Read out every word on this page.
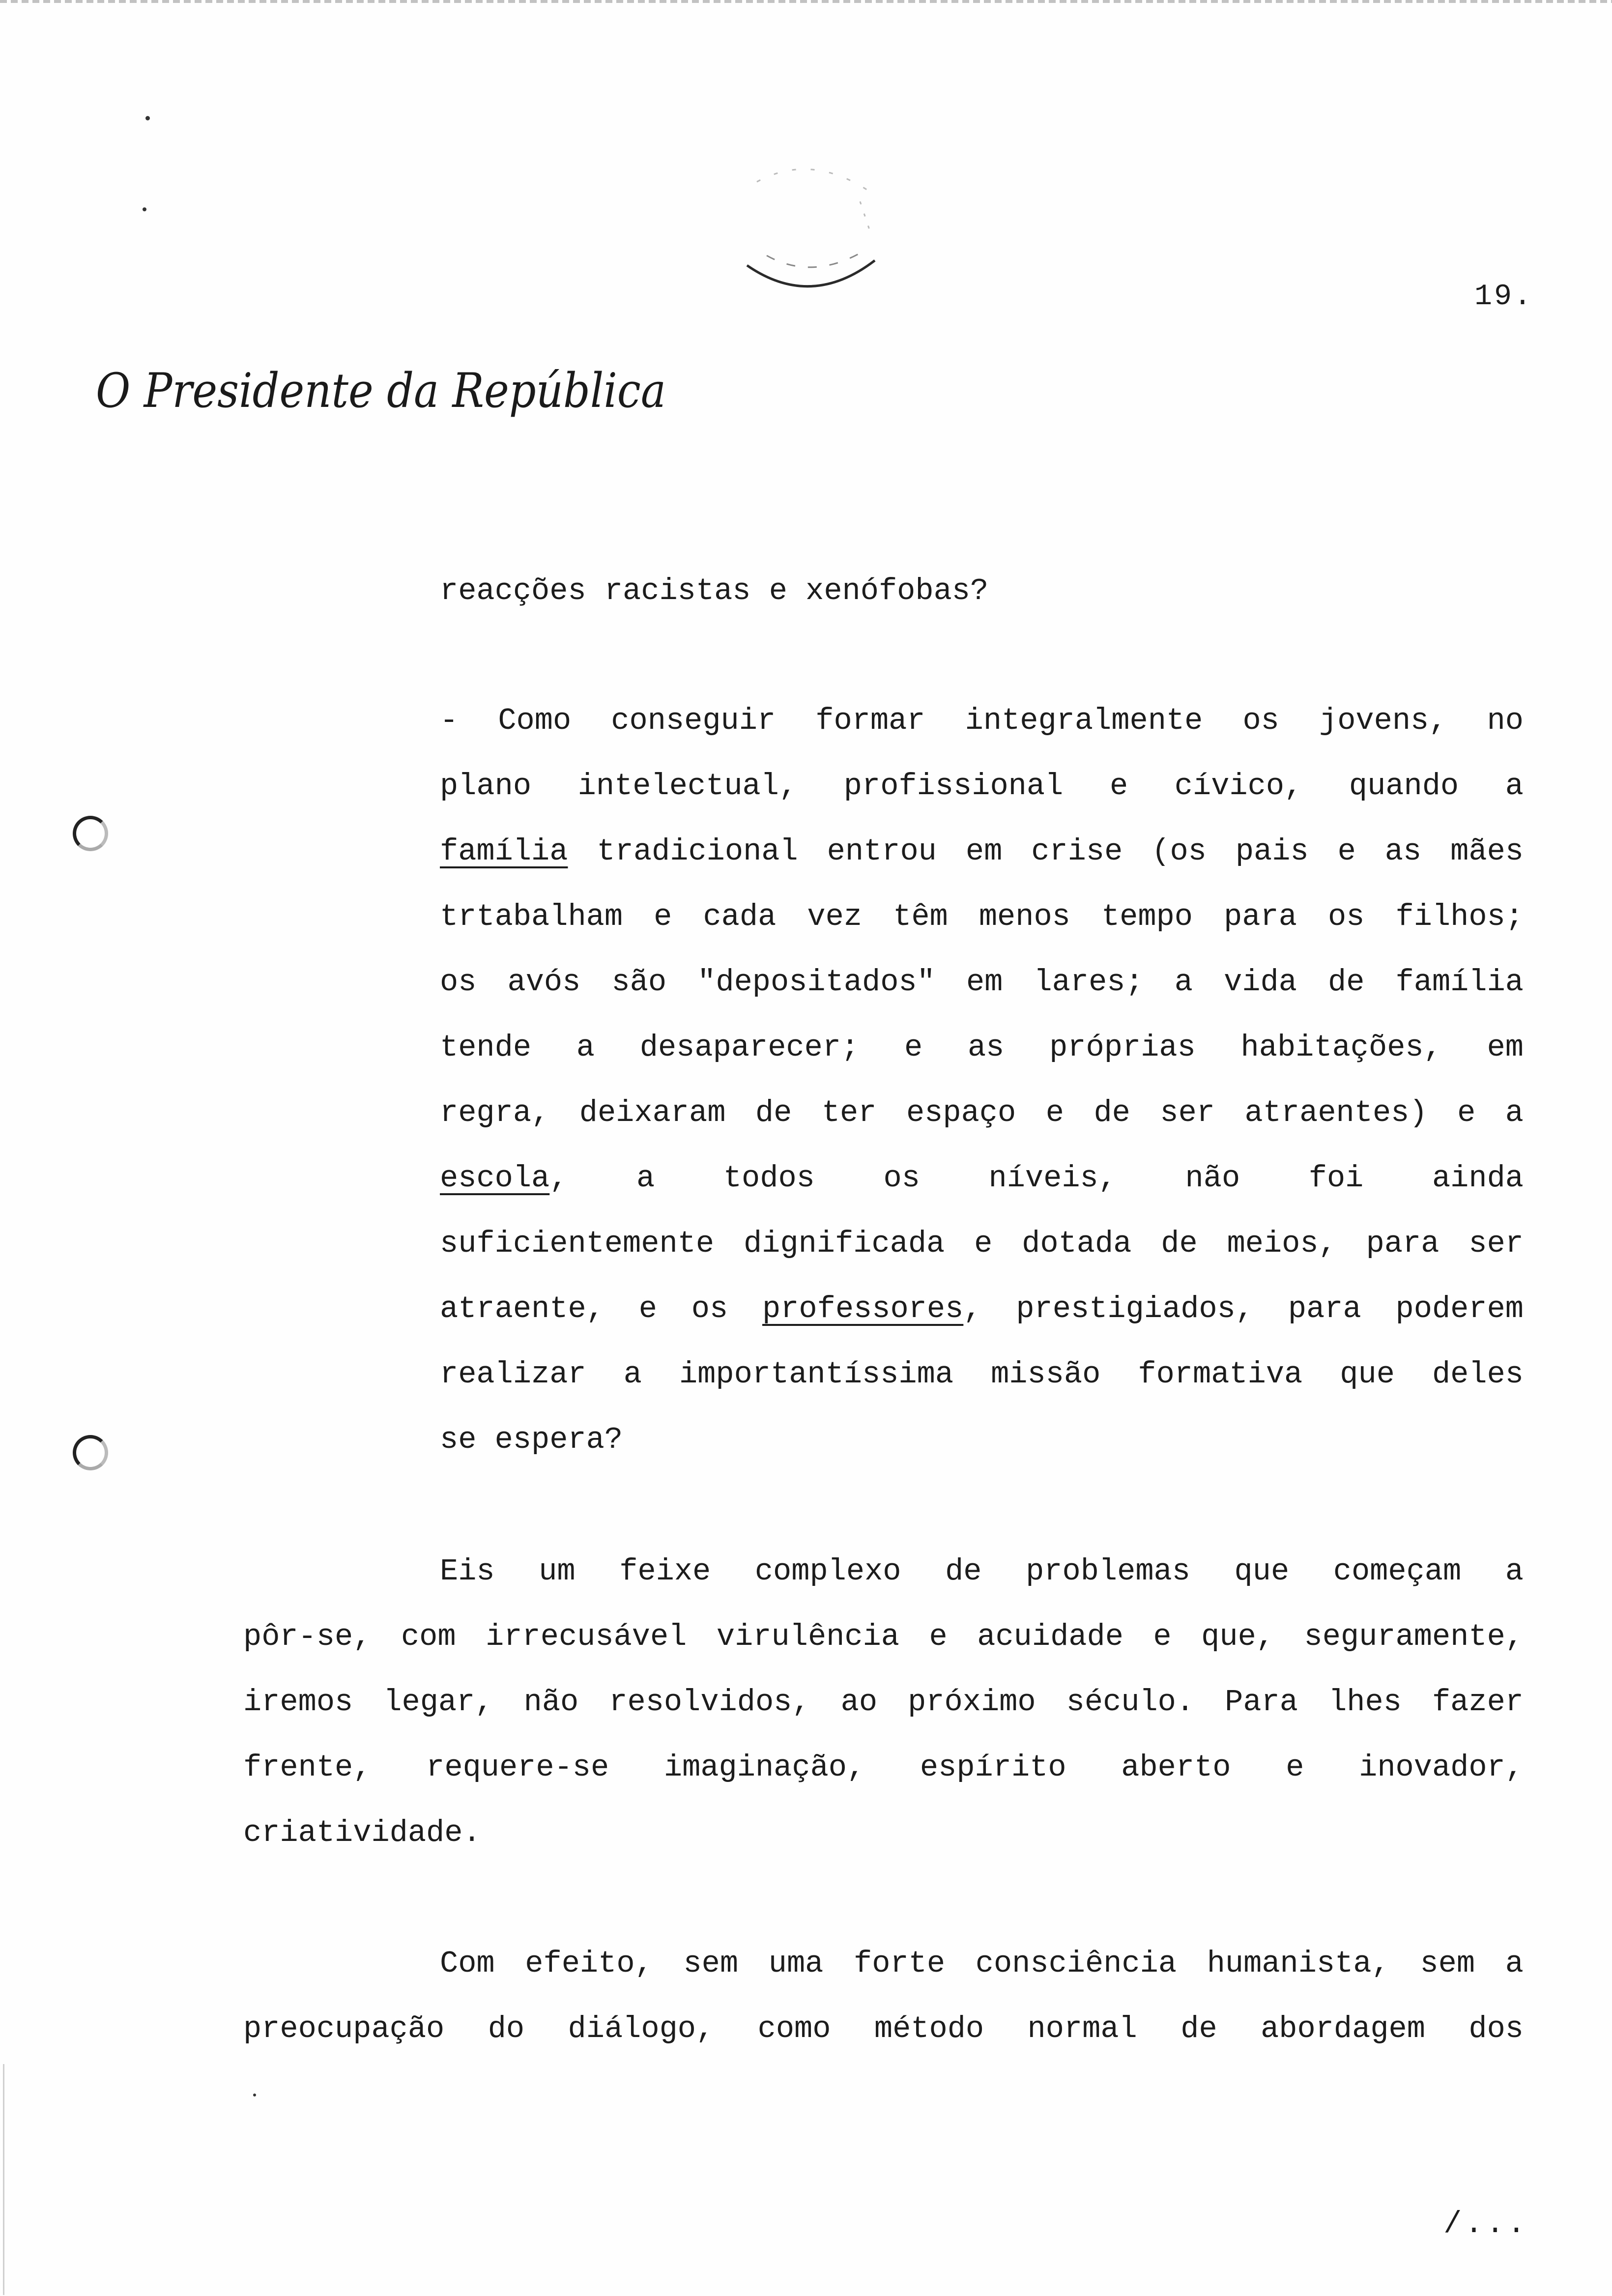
19.
O Presidente da República
reacções racistas e xenófobas?
- Como conseguir formar integralmente os jovens, no
plano intelectual, profissional e cívico, quando a
família tradicional entrou em crise (os pais e as mães
trtabalham e cada vez têm menos tempo para os filhos;
os avós são "depositados" em lares; a vida de família
tende a desaparecer; e as próprias habitações, em
regra, deixaram de ter espaço e de ser atraentes) e a
escola, a todos os níveis, não foi ainda
suficientemente dignificada e dotada de meios, para ser
atraente, e os professores, prestigiados, para poderem
realizar a importantíssima missão formativa que deles
se espera?
Eis um feixe complexo de problemas que começam a
pôr-se, com irrecusável virulência e acuidade e que, seguramente,
iremos legar, não resolvidos, ao próximo século. Para lhes fazer
frente, requere-se imaginação, espírito aberto e inovador,
criatividade.
Com efeito, sem uma forte consciência humanista, sem a
preocupação do diálogo, como método normal de abordagem dos
/...
